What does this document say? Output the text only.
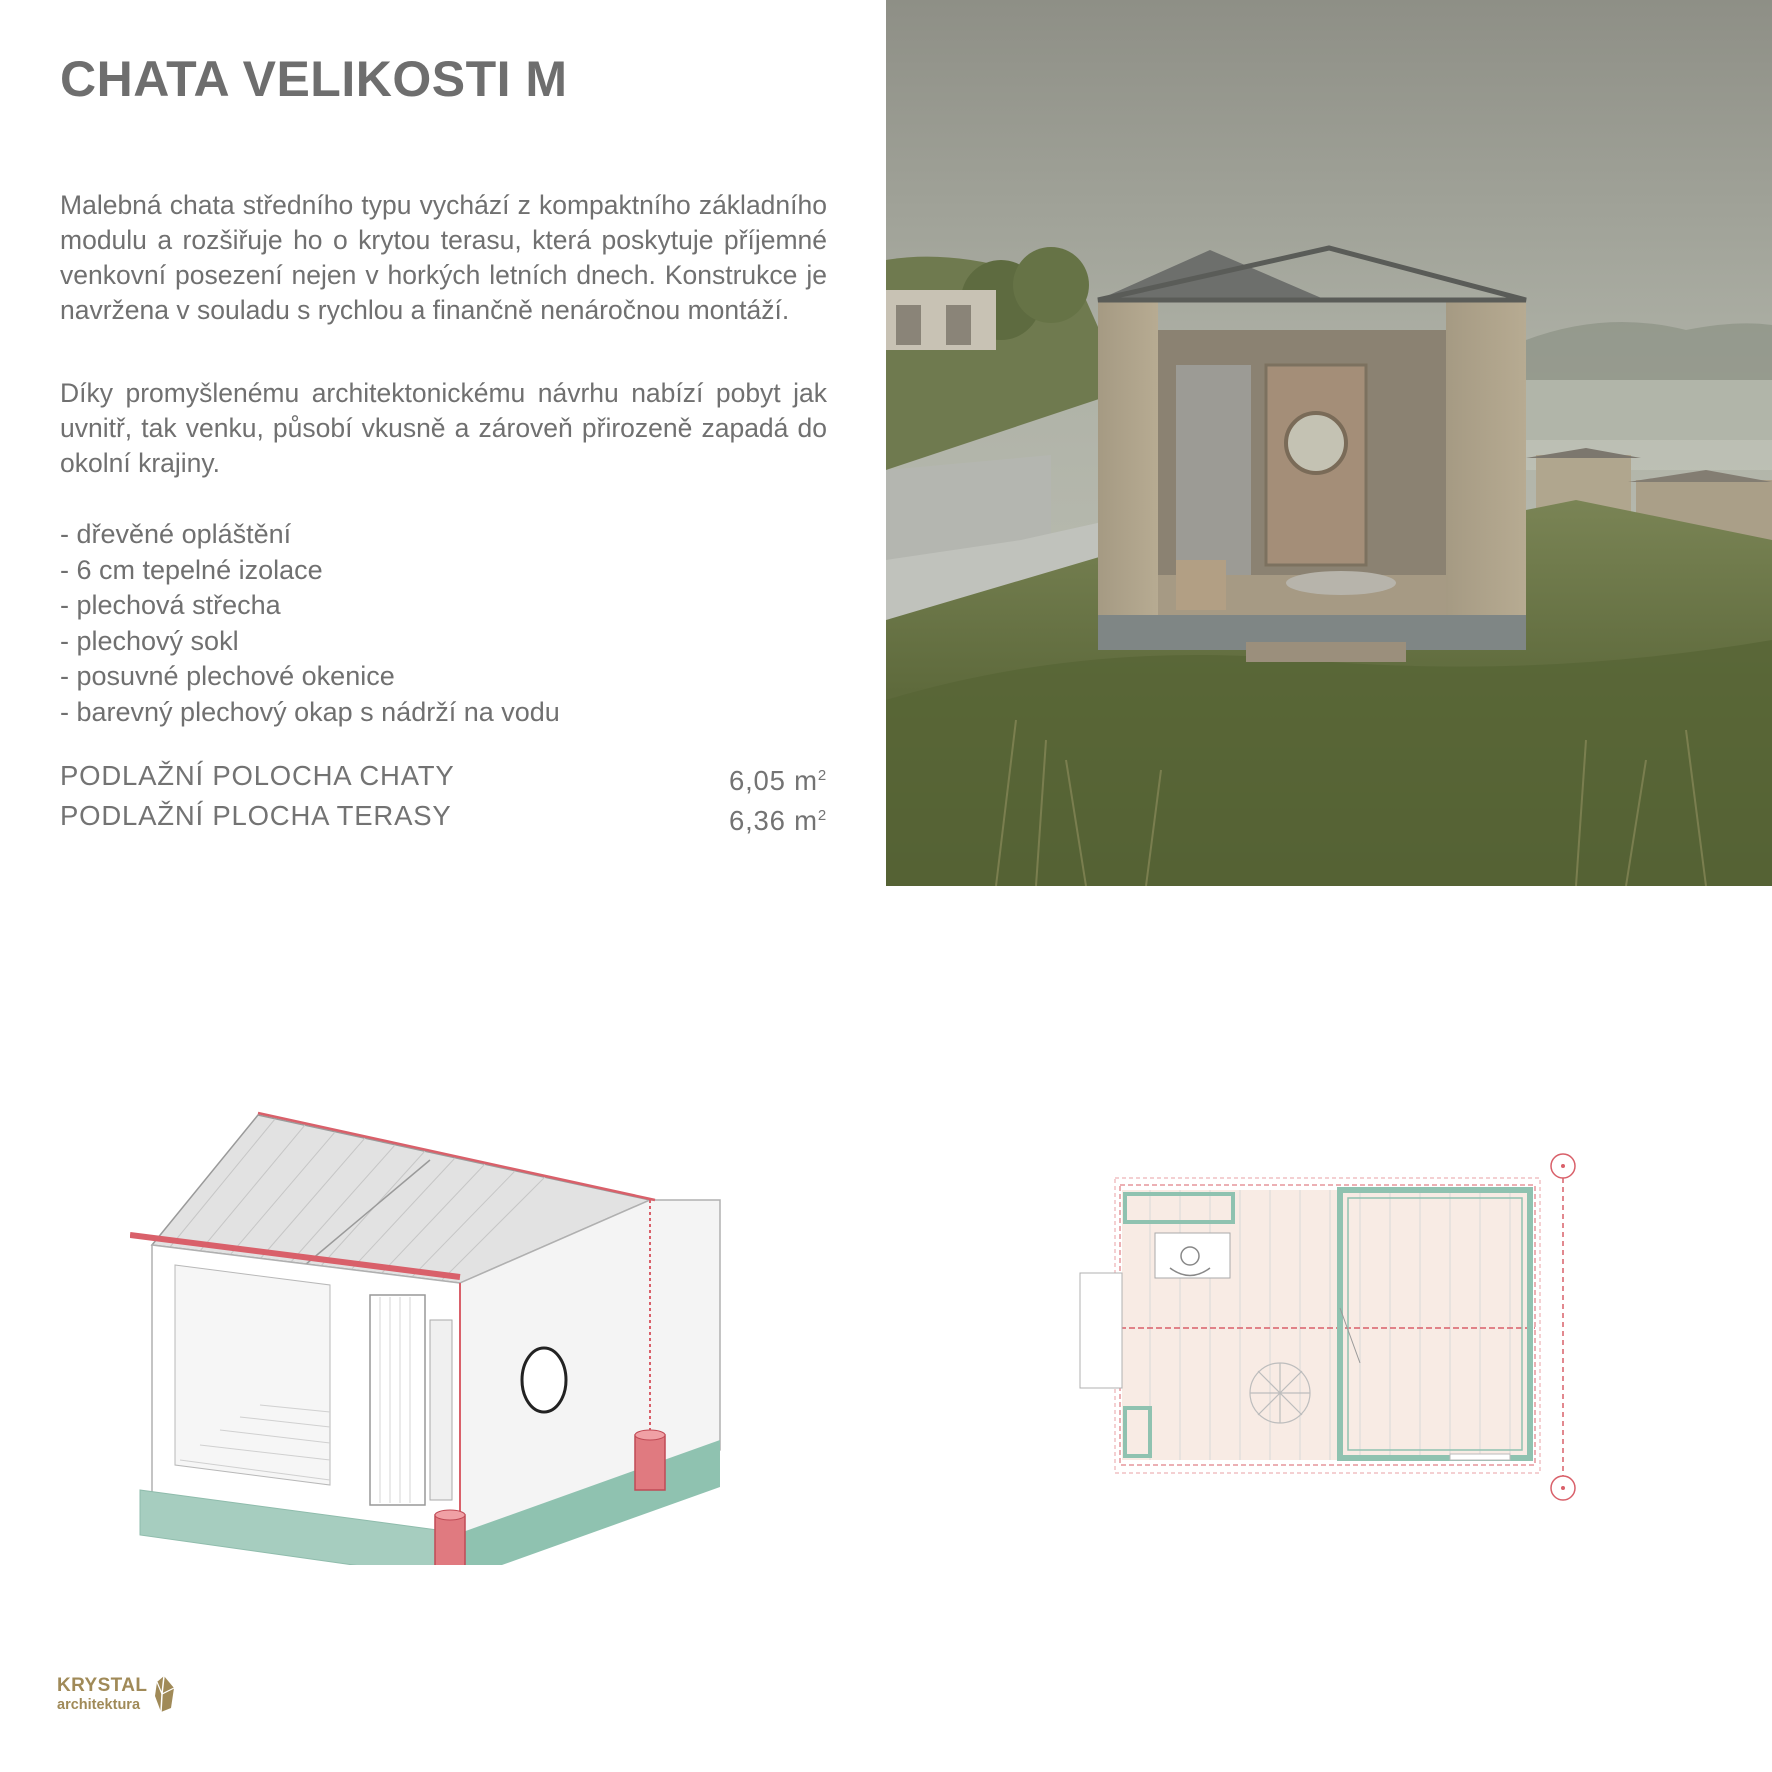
CHATA VELIKOSTI M

Malebná chata středního typu vychází z kompaktního základního modulu a rozšiřuje ho o krytou terasu, která poskytuje příjemné venkovní posezení nejen v horkých letních dnech. Konstrukce je navržena v souladu s rychlou a finančně nenáročnou montáží.

Díky promyšlenému architektonickému návrhu nabízí pobyt jak uvnitř, tak venku, působí vkusně a zároveň přirozeně zapadá do okolní krajiny.

- dřevěné opláštění
- 6 cm tepelné izolace
- plechová střecha
- plechový sokl
- posuvné plechové okenice
- barevný plechový okap s nádrží na vodu
PODLAŽNÍ POLOCHA CHATY	6,05 $m^2$
PODLAŽNÍ PLOCHA TERASY	6,36 $m^2$
KRYSTAL
architektura
